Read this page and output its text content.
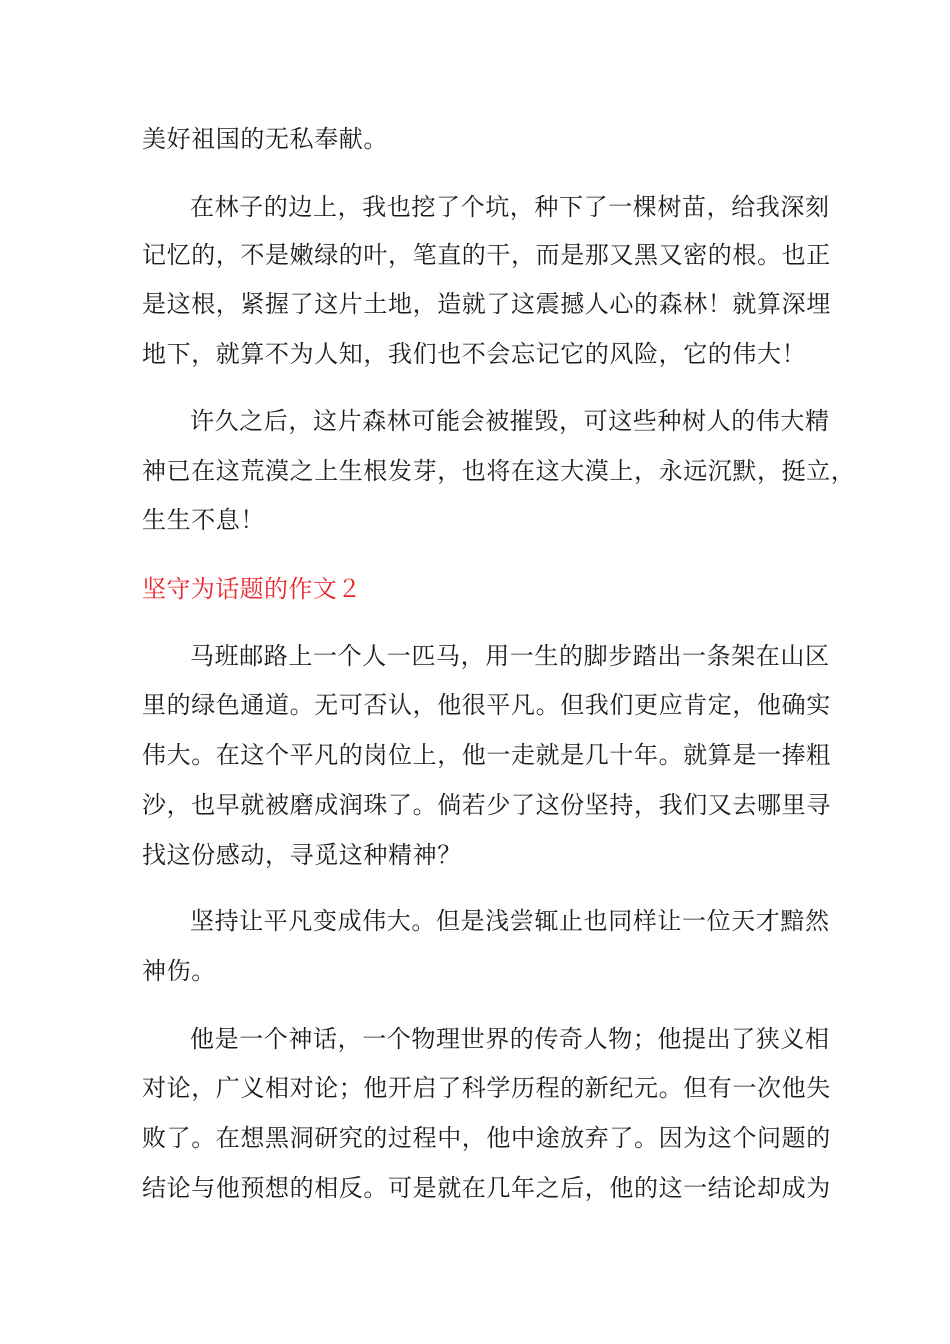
美好祖国的无私奉献。
在林子的边上，我也挖了个坑，种下了一棵树苗，给我深刻
记忆的，不是嫩绿的叶，笔直的干，而是那又黑又密的根。也正
是这根，紧握了这片土地，造就了这震撼人心的森林！就算深埋
地下，就算不为人知，我们也不会忘记它的风险，它的伟大！
许久之后，这片森林可能会被摧毁，可这些种树人的伟大精
神已在这荒漠之上生根发芽，也将在这大漠上，永远沉默，挺立，
生生不息！
坚守为话题的作文２
马班邮路上一个人一匹马，用一生的脚步踏出一条架在山区
里的绿色通道。无可否认，他很平凡。但我们更应肯定，他确实
伟大。在这个平凡的岗位上，他一走就是几十年。就算是一捧粗
沙，也早就被磨成润珠了。倘若少了这份坚持，我们又去哪里寻
找这份感动，寻觅这种精神？
坚持让平凡变成伟大。但是浅尝辄止也同样让一位天才黯然
神伤。
他是一个神话，一个物理世界的传奇人物；他提出了狭义相
对论，广义相对论；他开启了科学历程的新纪元。但有一次他失
败了。在想黑洞研究的过程中，他中途放弃了。因为这个问题的
结论与他预想的相反。可是就在几年之后，他的这一结论却成为
